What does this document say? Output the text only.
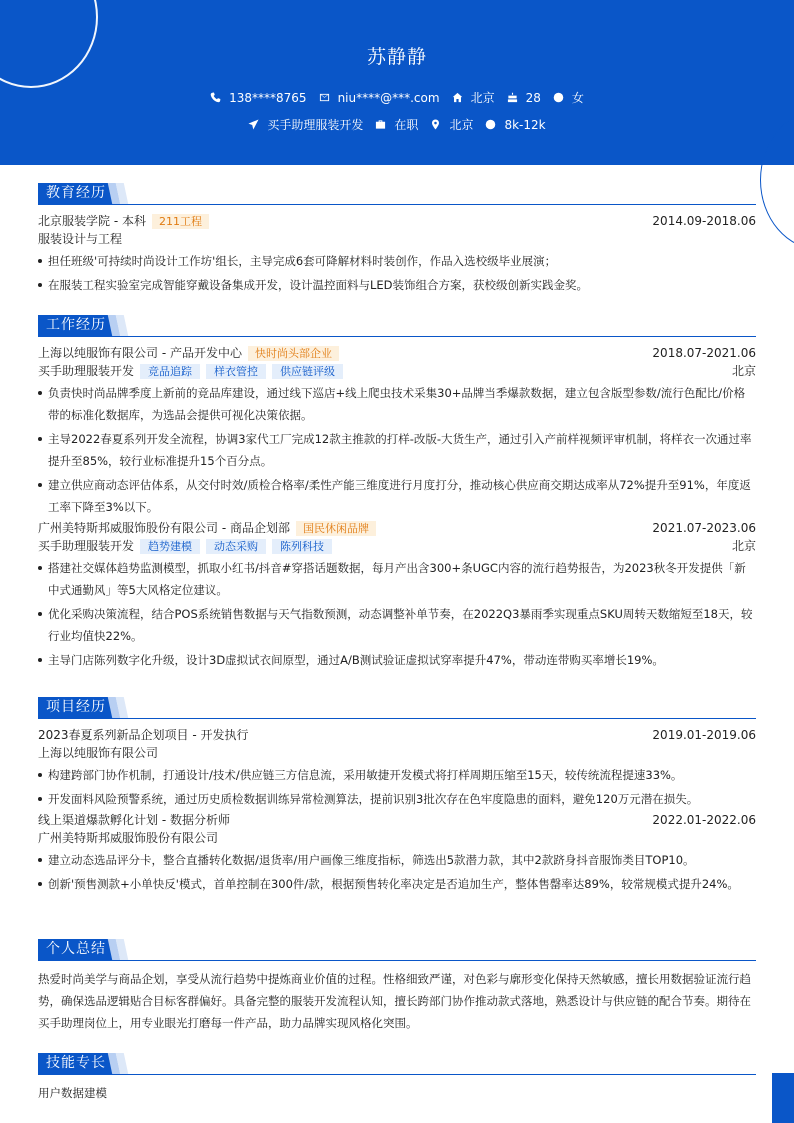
苏静静
138****8765	niu****@***.com	北京	28	女
买手助理服装开发	在职	北京	8k-12k
教育经历
北京服装学院 - 本科	211工程	2014.09-2018.06
服装设计与工程
担任班级'可持续时尚设计工作坊'组长，主导完成6套可降解材料时装创作，作品入选校级毕业展演；
在服装工程实验室完成智能穿戴设备集成开发，设计温控面料与LED装饰组合方案，获校级创新实践金奖。
工作经历
上海以纯服饰有限公司 - 产品开发中心	快时尚头部企业	2018.07-2021.06
买手助理服装开发	竞品追踪	样衣管控	供应链评级	北京
负责快时尚品牌季度上新前的竞品库建设，通过线下巡店+线上爬虫技术采集30+品牌当季爆款数据，建立包含版型参数/流行色配比/价格带的标准化数据库，为选品会提供可视化决策依据。
主导2022春夏系列开发全流程，协调3家代工厂完成12款主推款的打样-改版-大货生产，通过引入产前样视频评审机制，将样衣一次通过率提升至85%，较行业标准提升15个百分点。
建立供应商动态评估体系，从交付时效/质检合格率/柔性产能三维度进行月度打分，推动核心供应商交期达成率从72%提升至91%，年度返工率下降至3%以下。
广州美特斯邦威服饰股份有限公司 - 商品企划部	国民休闲品牌	2021.07-2023.06
买手助理服装开发	趋势建模	动态采购	陈列科技	北京
搭建社交媒体趋势监测模型，抓取小红书/抖音#穿搭话题数据，每月产出含300+条UGC内容的流行趋势报告，为2023秋冬开发提供「新中式通勤风」等5大风格定位建议。
优化采购决策流程，结合POS系统销售数据与天气指数预测，动态调整补单节奏，在2022Q3暴雨季实现重点SKU周转天数缩短至18天，较行业均值快22%。
主导门店陈列数字化升级，设计3D虚拟试衣间原型，通过A/B测试验证虚拟试穿率提升47%，带动连带购买率增长19%。
项目经历
2023春夏系列新品企划项目 - 开发执行	2019.01-2019.06
上海以纯服饰有限公司
构建跨部门协作机制，打通设计/技术/供应链三方信息流，采用敏捷开发模式将打样周期压缩至15天，较传统流程提速33%。
开发面料风险预警系统，通过历史质检数据训练异常检测算法，提前识别3批次存在色牢度隐患的面料，避免120万元潜在损失。
线上渠道爆款孵化计划 - 数据分析师	2022.01-2022.06
广州美特斯邦威服饰股份有限公司
建立动态选品评分卡，整合直播转化数据/退货率/用户画像三维度指标，筛选出5款潜力款，其中2款跻身抖音服饰类目TOP10。
创新'预售测款+小单快反'模式，首单控制在300件/款，根据预售转化率决定是否追加生产，整体售罄率达89%，较常规模式提升24%。
个人总结
热爱时尚美学与商品企划，享受从流行趋势中提炼商业价值的过程。性格细致严谨，对色彩与廓形变化保持天然敏感，擅长用数据验证流行趋势，确保选品逻辑贴合目标客群偏好。具备完整的服装开发流程认知，擅长跨部门协作推动款式落地，熟悉设计与供应链的配合节奏。期待在买手助理岗位上，用专业眼光打磨每一件产品，助力品牌实现风格化突围。
技能专长
用户数据建模
